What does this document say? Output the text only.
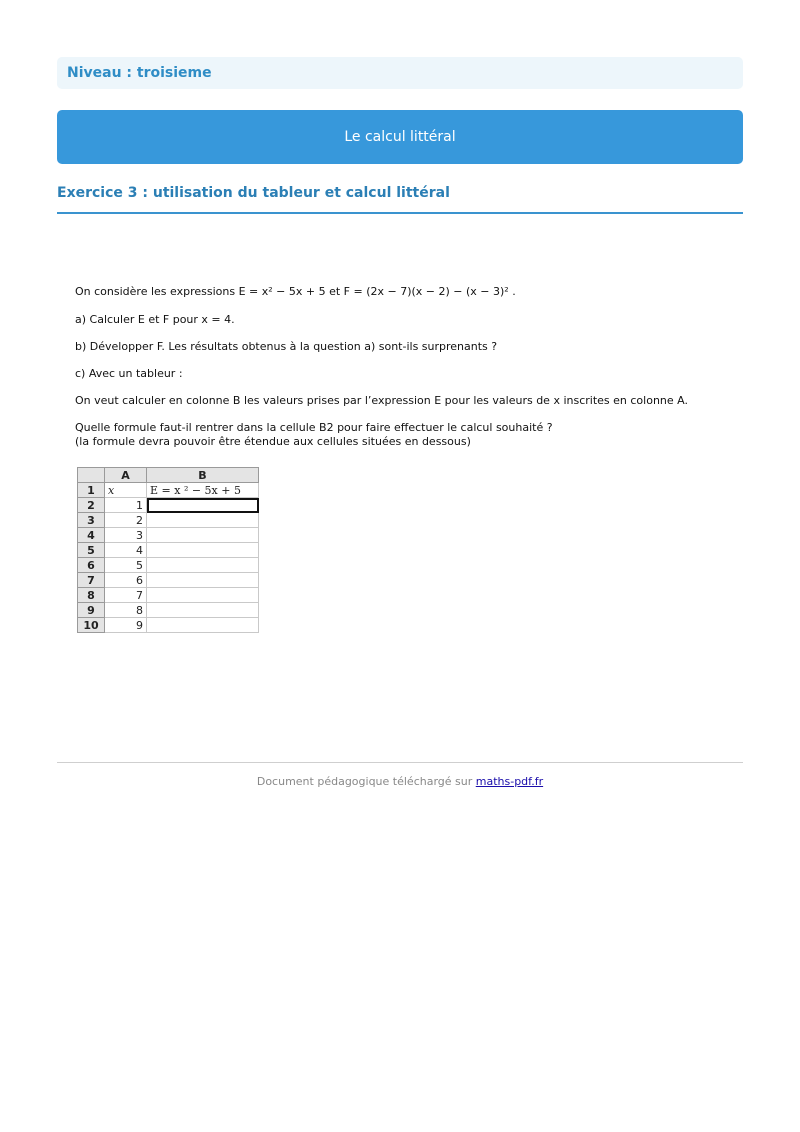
Niveau : troisieme
Le calcul littéral
Exercice 3 : utilisation du tableur et calcul littéral

On considère les expressions E = x² − 5x + 5 et F = (2x − 7)(x − 2) − (x − 3)² .

a) Calculer E et F pour x = 4.

b) Développer F. Les résultats obtenus à la question a) sont-ils surprenants ?

c) Avec un tableur :

On veut calculer en colonne B les valeurs prises par l’expression E pour les valeurs de x inscrites en colonne A.

Quelle formule faut-il rentrer dans la cellule B2 pour faire effectuer le calcul souhaité ?

(la formule devra pouvoir être étendue aux cellules situées en dessous)

	A	B
1	x	E = x ² − 5x + 5
2	1	
3	2	
4	3	
5	4	
6	5	
7	6	
8	7	
9	8	
10	9	
Document pédagogique téléchargé sur maths-pdf.fr
